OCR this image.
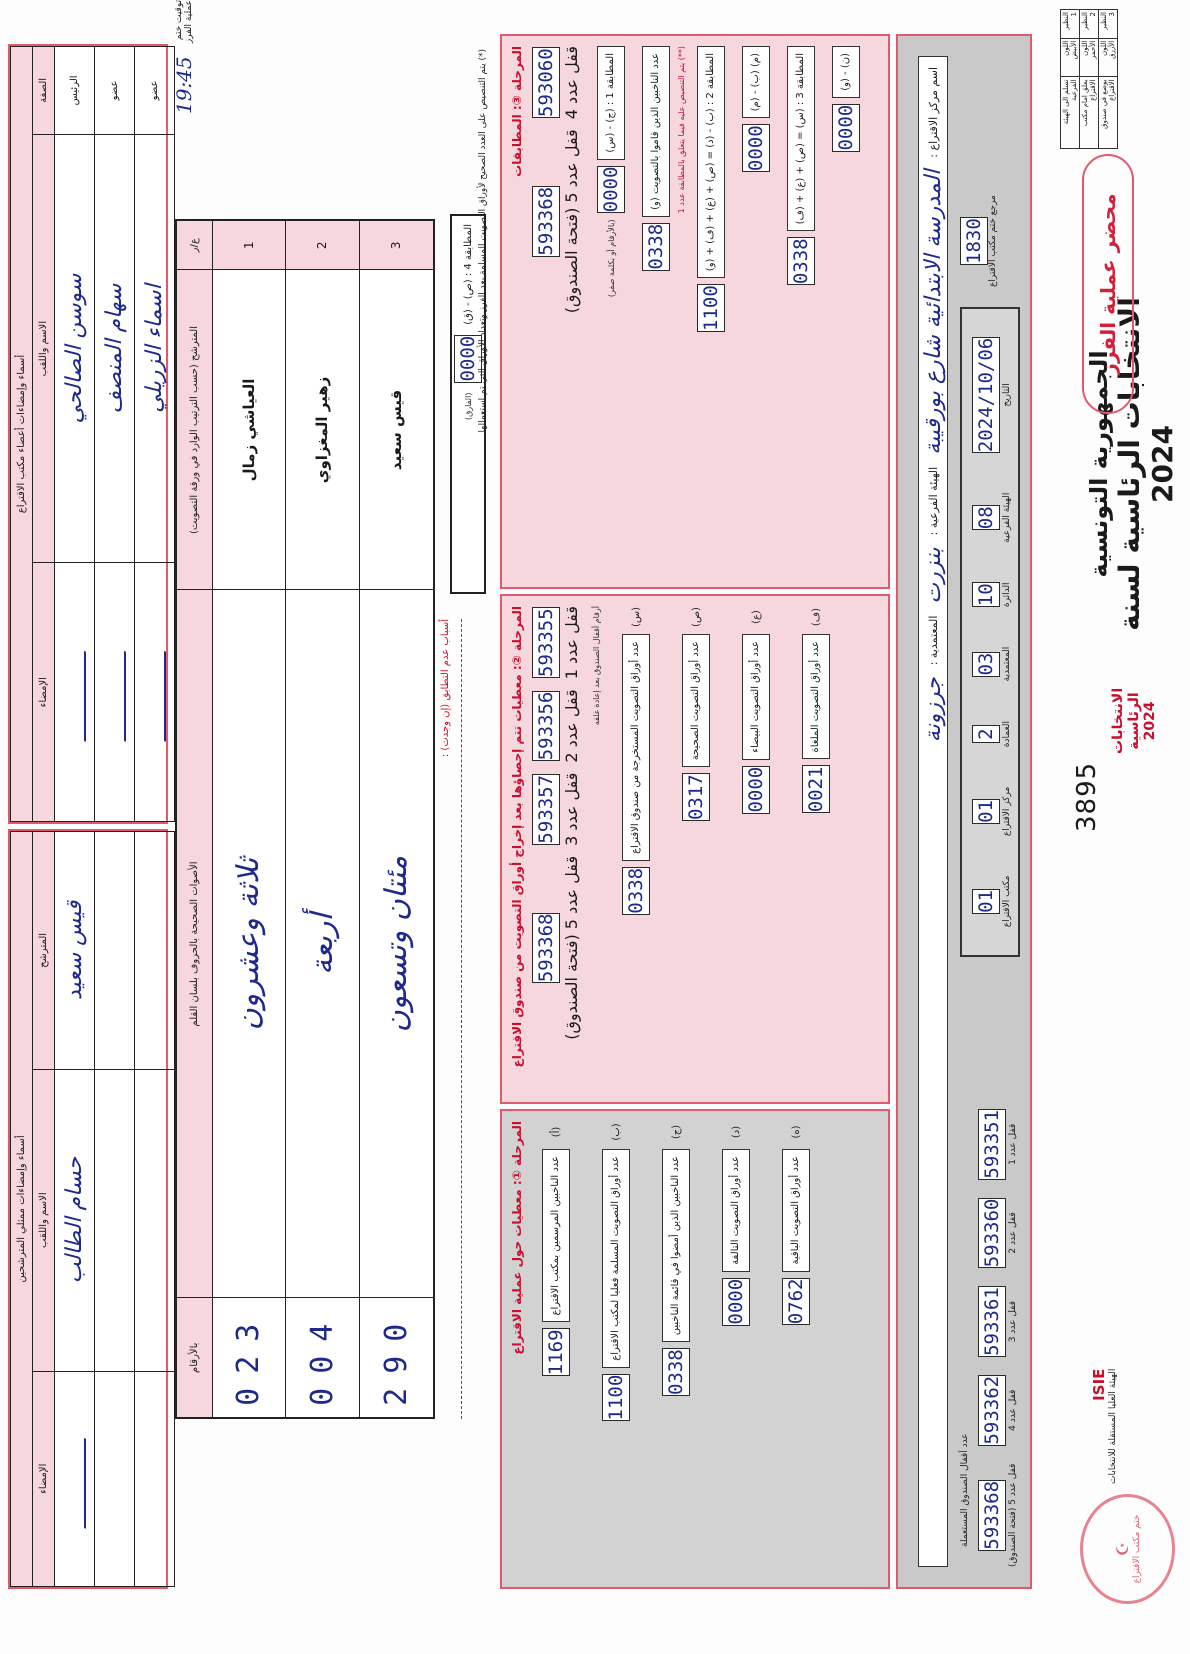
☪ ختم مكتب الاقتراع
ISIE الهيئة العليا المستقلة للانتخابات
الانتخابات الرئاسية 2024
3895
الجمهورية التونسية الانتخابات الرئاسية لسنة 2024
محضر عملية الفرز
النظير 1	اللون الأبيض	تسلم الى الهيئة الفرعية
النظير 2	اللون الأحمر	يعلق امام مكتب الاقتراع
النظير 3	اللون الأزرق	يوضع في صندوق الاقتراع
اسم مركز الاقتراع :
المدرسة الابتدائية شارع بورقيبة
الهيئة الفرعية :
بنزرت
المعتمدية :
جرزونة
عدد أقفال الصندوق المستعملة
593351 قفل عدد 1
593360 قفل عدد 2
593361 قفل عدد 3
593362 قفل عدد 4
593368 قفل عدد 5 (فتحة الصندوق)
01 مكتب الاقتراع
01 مركز الاقتراع
2 العمادة
03 المعتمدية
10 الدائرة
08 الهيئة الفرعية
2024/10/06 التاريخ
1830 مرجع ختم مكتب الاقتراع
المرحلة ①: معطيات حول عملية الاقتراع	(أ)
عدد الناخبين المرسمين بمكتب الاقتراع
1169
(ب)
عدد أوراق التصويت المسلمة فعليا لمكتب الاقتراع
1100
(ج)
عدد الناخبين الذين أمضوا في قائمة الناخبين
0338
(د)
عدد أوراق التصويت التالفة
0000
(ه)
عدد أوراق التصويت الباقية
0762
المرحلة ②: معطيات تتم إحصاؤها بعد إخراج أوراق التصويت من صندوق الاقتراع 593355 قفل عدد 1
593356 قفل عدد 2
593357 قفل عدد 3
593368 قفل عدد 5 (فتحة الصندوق)
أرقام أقفال الصندوق بعد إعادة غلقه	(س)
عدد أوراق التصويت المستخرجة من صندوق الاقتراع
0338
(ص)
عدد أوراق التصويت الصحيحة
0317
(ع)
عدد أوراق التصويت البيضاء
0000
(ف)
عدد أوراق التصويت الملغاة
0021
المرحلة ③: المطابقات 593060 قفل عدد 4
593368 قفل عدد 5 (فتحة الصندوق)
المطابقة 1 : (ج) - (س)
0000
(بالأرقام أو بكلمة صفر)
عدد الناخبين الذين قاموا بالتصويت (و)
0338
(**) يتم التنصيص عليه فيما يتعلق بالمطابقة عدد 1	المطابقة 2 : (ب) - (د) = (ص) + (ع) + (ف) + (و)
1100
(م) (ب) - (م)
0000	المطابقة 3 : (س) = (ص) + (ع) + (ف)
0338
(ن) - (و)
0000
المطابقة 4 : (ص) - (ق)
0000
(الفارق)
ع/ر	المترشح (حسب الترتيب الوارد في ورقة التصويت)	الأصوات الصحيحة بالحروف بلسان القلم	بالأرقام
1	العياشي زمال	ثلاثة وعشرون	023
2	زهير المغزاوي	أربعة	004
3	قيس سعيد	مئتان وتسعون	290
أسباب عدم التطابق (إن وجدت) :
(*) يتم التنصيص على العدد الصحيح لأوراق التصويت المسلمة بعد الفرز وتعداد الأوراق التي تم استعمالها
أسماء وإمضاءات ممثلي المترشحين		
المترشح	الاسم واللقب	الإمضاء
قيس سعيد	حسام الطالب	

أسماء وإمضاءات أعضاء مكتب الاقتراع		
الصفة	الاسم واللقب	الإمضاء
الرئيس	سوسن الصالحي	
عضو	سهام المنصف	
عضو	اسماء الزريلي	
توقيت ختم عملية الفرز
19:45
